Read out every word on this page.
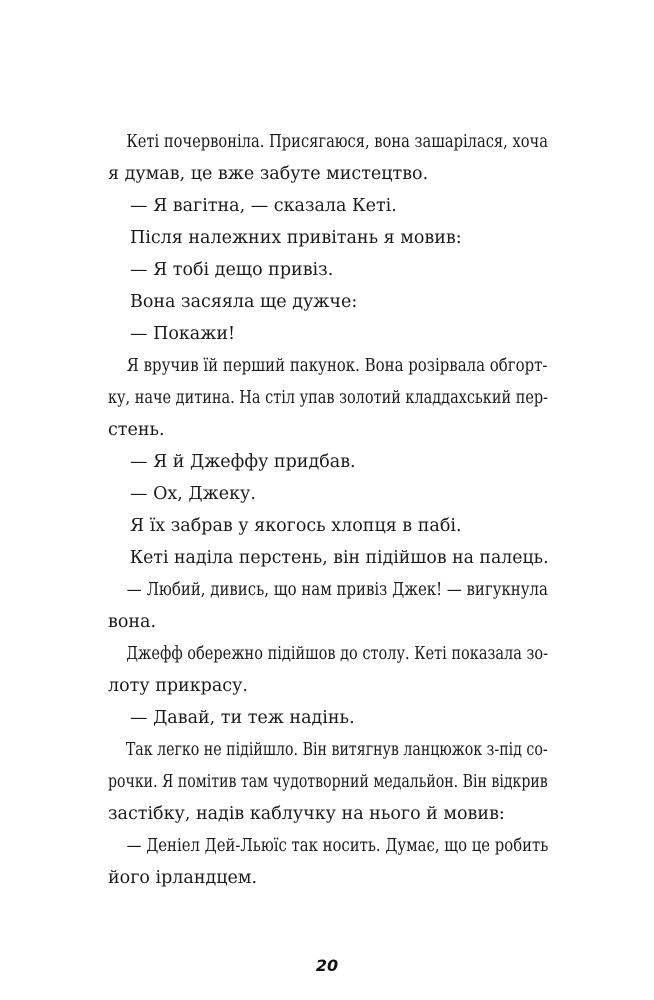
Кеті почервоніла. Присягаюся, вона зашарілася, хоча

я думав, це вже забуте мистецтво.

— Я вагітна, — сказала Кеті.

Після належних привітань я мовив:

— Я тобі дещо привіз.

Вона засяяла ще дужче:

— Покажи!

Я вручив їй перший пакунок. Вона розірвала обгорт-

ку, наче дитина. На стіл упав золотий кладдахський пер-

стень.

— Я й Джеффу придбав.

— Ох, Джеку.

Я їх забрав у якогось хлопця в пабі.

Кеті наділа перстень, він підійшов на палець.

— Любий, дивись, що нам привіз Джек! — вигукнула

вона.

Джефф обережно підійшов до столу. Кеті показала зо-

лоту прикрасу.

— Давай, ти теж надінь.

Так легко не підійшло. Він витягнув ланцюжок з-під со-

рочки. Я помітив там чудотворний медальйон. Він відкрив

застібку, надів каблучку на нього й мовив:

— Деніел Дей-Льюїс так носить. Думає, що це робить

його ірландцем.

20
